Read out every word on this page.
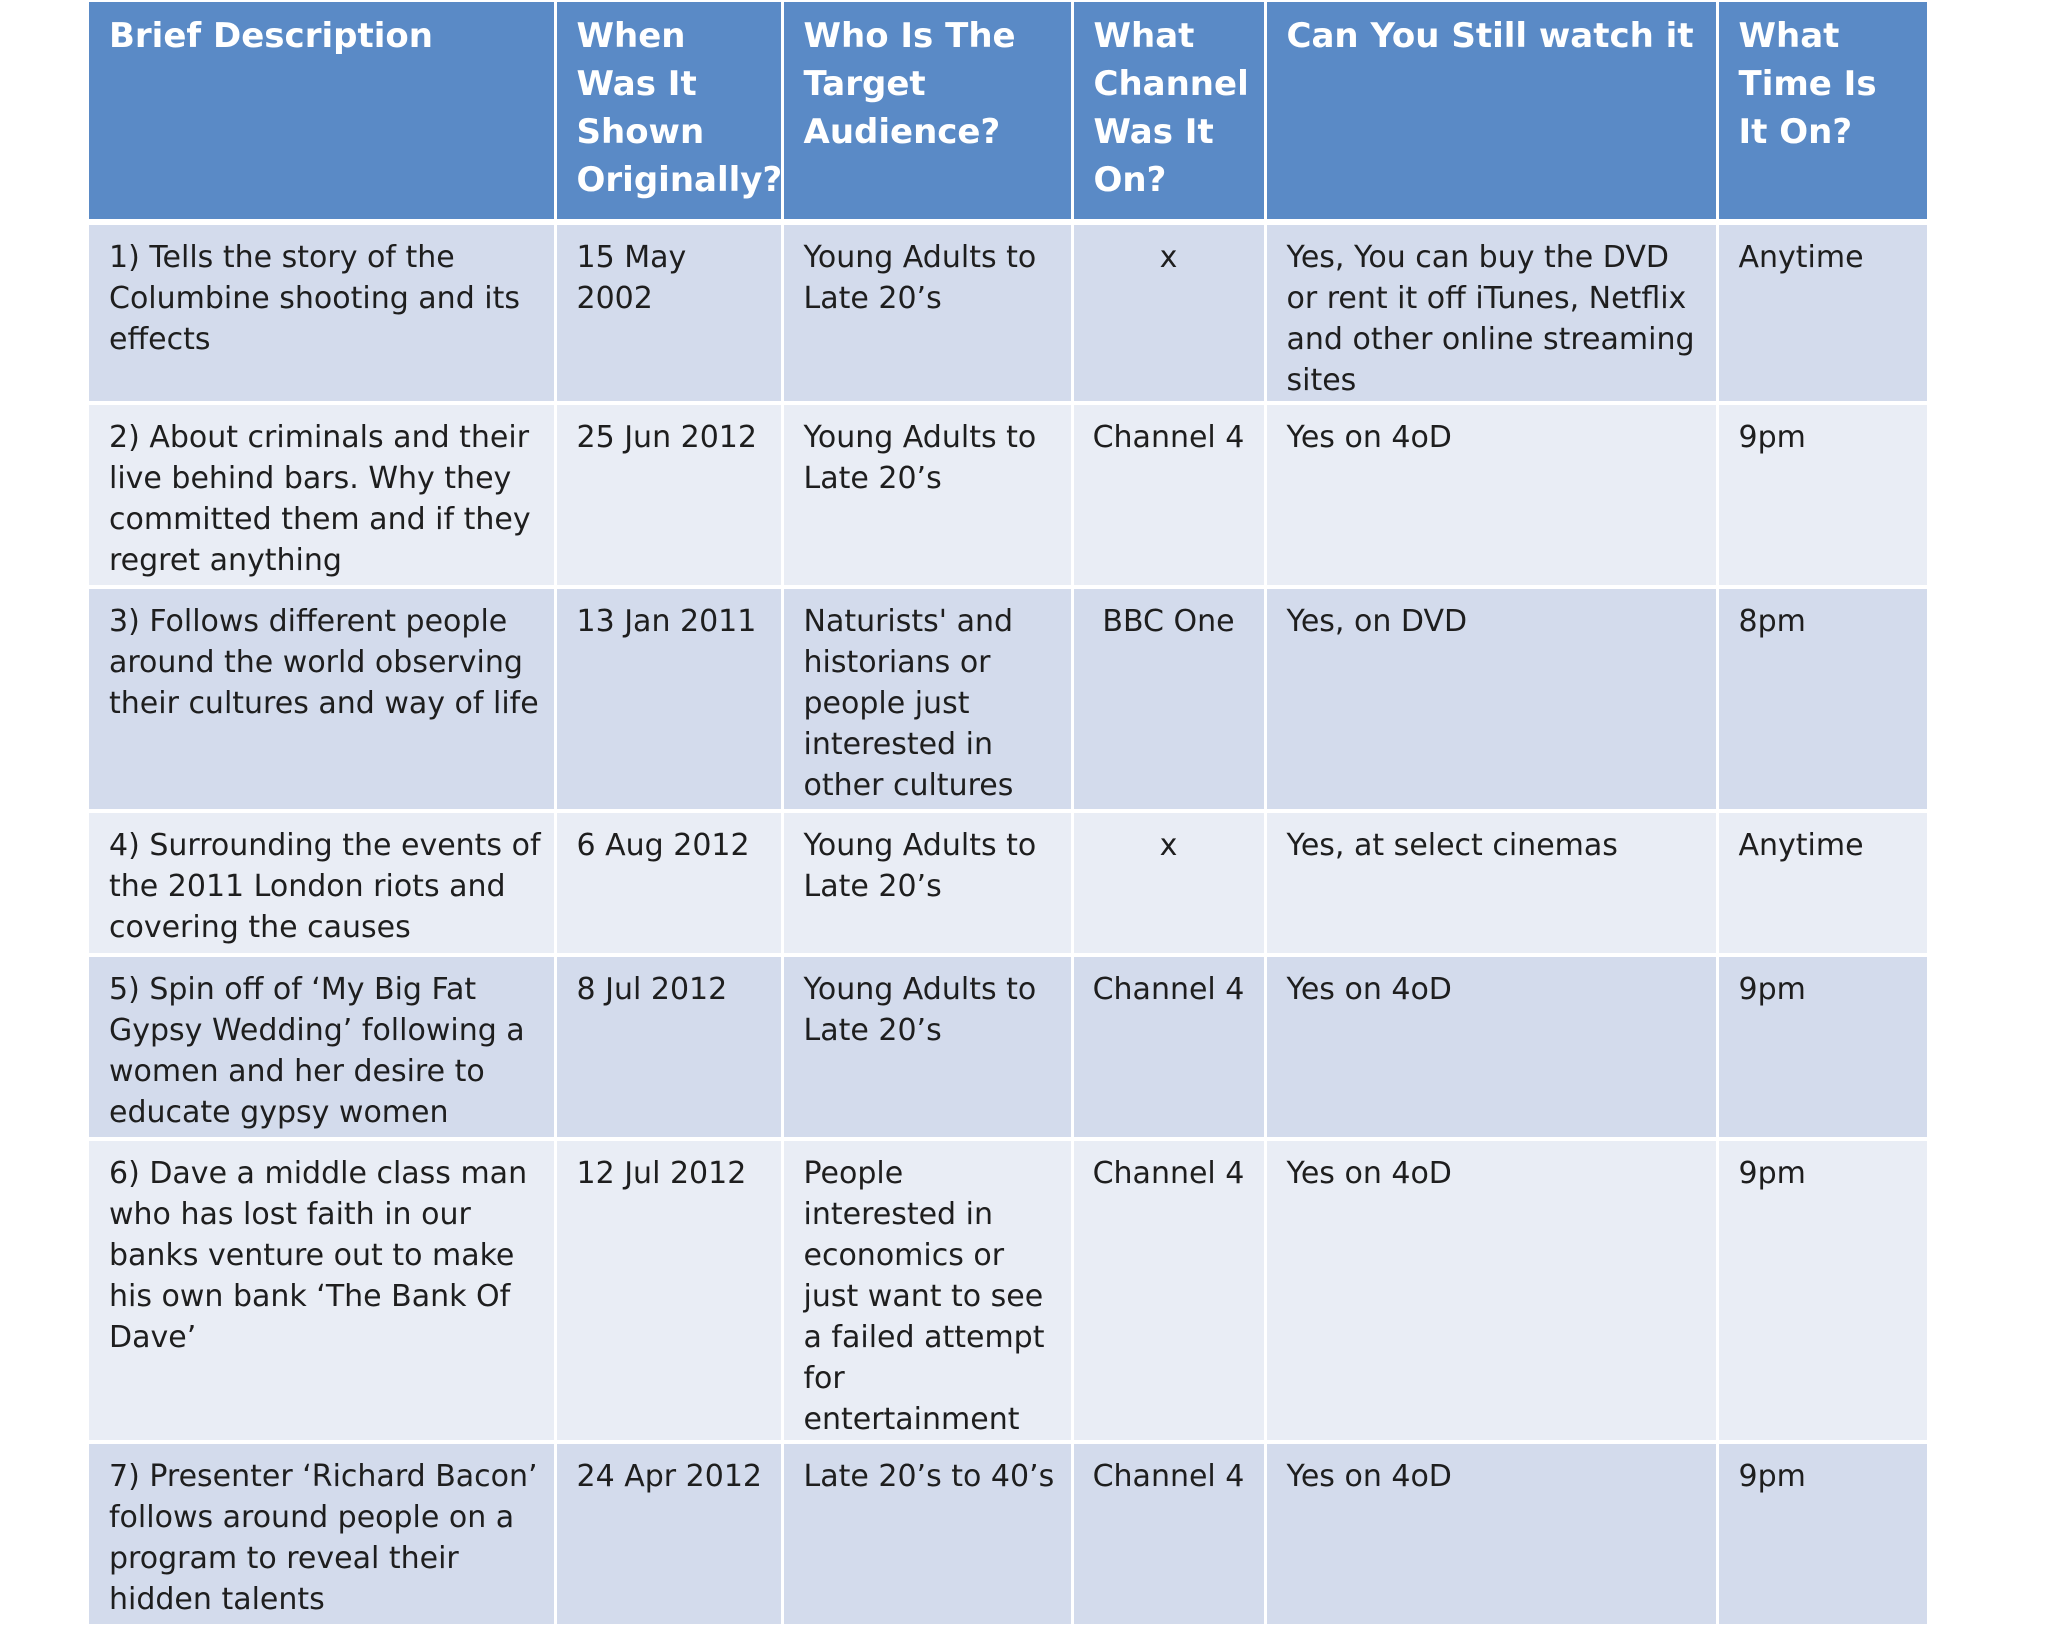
Brief Description	When Was It Shown Originally?	Who Is The Target Audience?	What Channel Was It On?	Can You Still watch it	What Time Is It On?
1) Tells the story of the Columbine shooting and its effects	15 May 2002	Young Adults to Late 20’s	x	Yes, You can buy the DVD or rent it off iTunes, Netflix and other online streaming sites	Anytime
2) About criminals and their live behind bars. Why they committed them and if they regret anything	25 Jun 2012	Young Adults to Late 20’s	Channel 4	Yes on 4oD	9pm
3) Follows different people around the world observing their cultures and way of life	13 Jan 2011	Naturists' and historians or people just interested in other cultures	BBC One	Yes, on DVD	8pm
4) Surrounding the events of the 2011 London riots and covering the causes	6 Aug 2012	Young Adults to Late 20’s	x	Yes, at select cinemas	Anytime
5) Spin off of ‘My Big Fat Gypsy Wedding’ following a women and her desire to educate gypsy women	8 Jul 2012	Young Adults to Late 20’s	Channel 4	Yes on 4oD	9pm
6) Dave a middle class man who has lost faith in our banks venture out to make his own bank ‘The Bank Of Dave’	12 Jul 2012	People interested in economics or just want to see a failed attempt for entertainment	Channel 4	Yes on 4oD	9pm
7) Presenter ‘Richard Bacon’ follows around people on a program to reveal their hidden talents	24 Apr 2012	Late 20’s to 40’s	Channel 4	Yes on 4oD	9pm
